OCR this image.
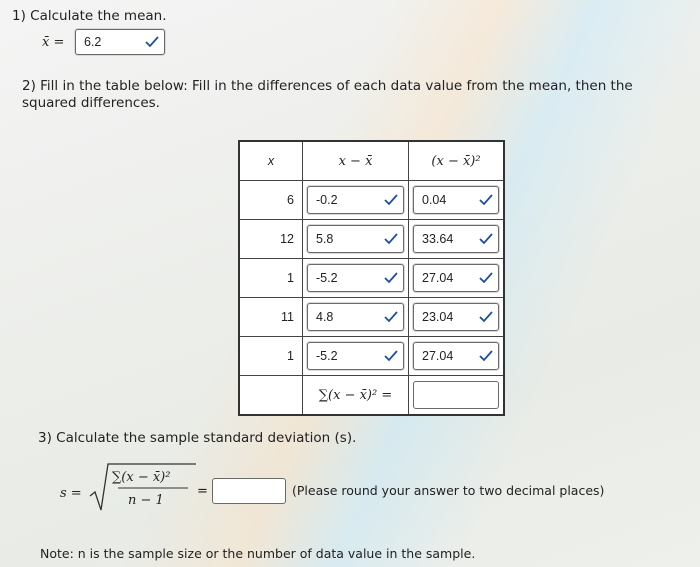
1) Calculate the mean.
x̄ = 6.2
2) Fill in the table below: Fill in the differences of each data value from the mean, then the squared differences.
x	x − x̄	(x − x̄)²

6	-0.2	0.04

12	5.8	33.64

1	-5.2	27.04

11	4.8	23.04

1	-5.2	27.04

	∑(x − x̄)² =	
3) Calculate the sample standard deviation (s).
s =
∑(x − x̄)²
n − 1
=	(Please round your answer to two decimal places)
Note: n is the sample size or the number of data value in the sample.
